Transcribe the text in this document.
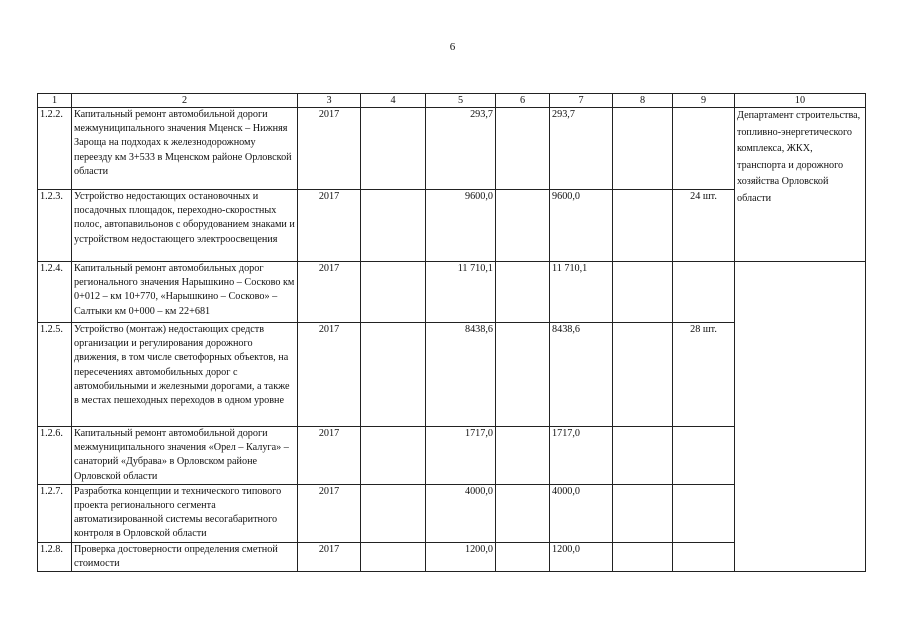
6
1	2	3	4	5	6	7	8	9	10	
1.2.2.	Капитальный ремонт автомобильной дороги межмуниципального значения Мценск – Нижняя Зароща на подходах к железнодорожному переезду км 3+533 в Мценском районе Орловской области	2017		293,7		293,7			Департамент строительства, топливно-энергетического комплекса, ЖКХ, транспорта и дорожного хозяйства Орловской области	
1.2.3.	Устройство недостающих остановочных и посадочных площадок, переходно-скоростных полос, автопавильонов с оборудованием знаками и устройством недостающего электроосвещения	2017		9600,0		9600,0		24 шт.		
1.2.4.	Капитальный ремонт автомобильных дорог регионального значения Нарышкино – Сосково км 0+012 – км 10+770, «Нарышкино – Сосково» – Салтыки км 0+000 – км 22+681	2017		11 710,1		11 710,1				
1.2.5.	Устройство (монтаж) недостающих средств организации и регулирования дорожного движения, в том числе светофорных объектов, на пересечениях автомобильных дорог с автомобильными и железными дорогами, а также в местах пешеходных переходов в одном уровне	2017		8438,6		8438,6		28 шт.		
1.2.6.	Капитальный ремонт автомобильной дороги межмуниципального значения «Орел – Калуга» – санаторий «Дубрава» в Орловском районе Орловской области	2017		1717,0		1717,0				
1.2.7.	Разработка концепции и технического типового проекта регионального сегмента автоматизированной системы весогабаритного контроля в Орловской области	2017		4000,0		4000,0				
1.2.8.	Проверка достоверности определения сметной стоимости	2017		1200,0		1200,0				
